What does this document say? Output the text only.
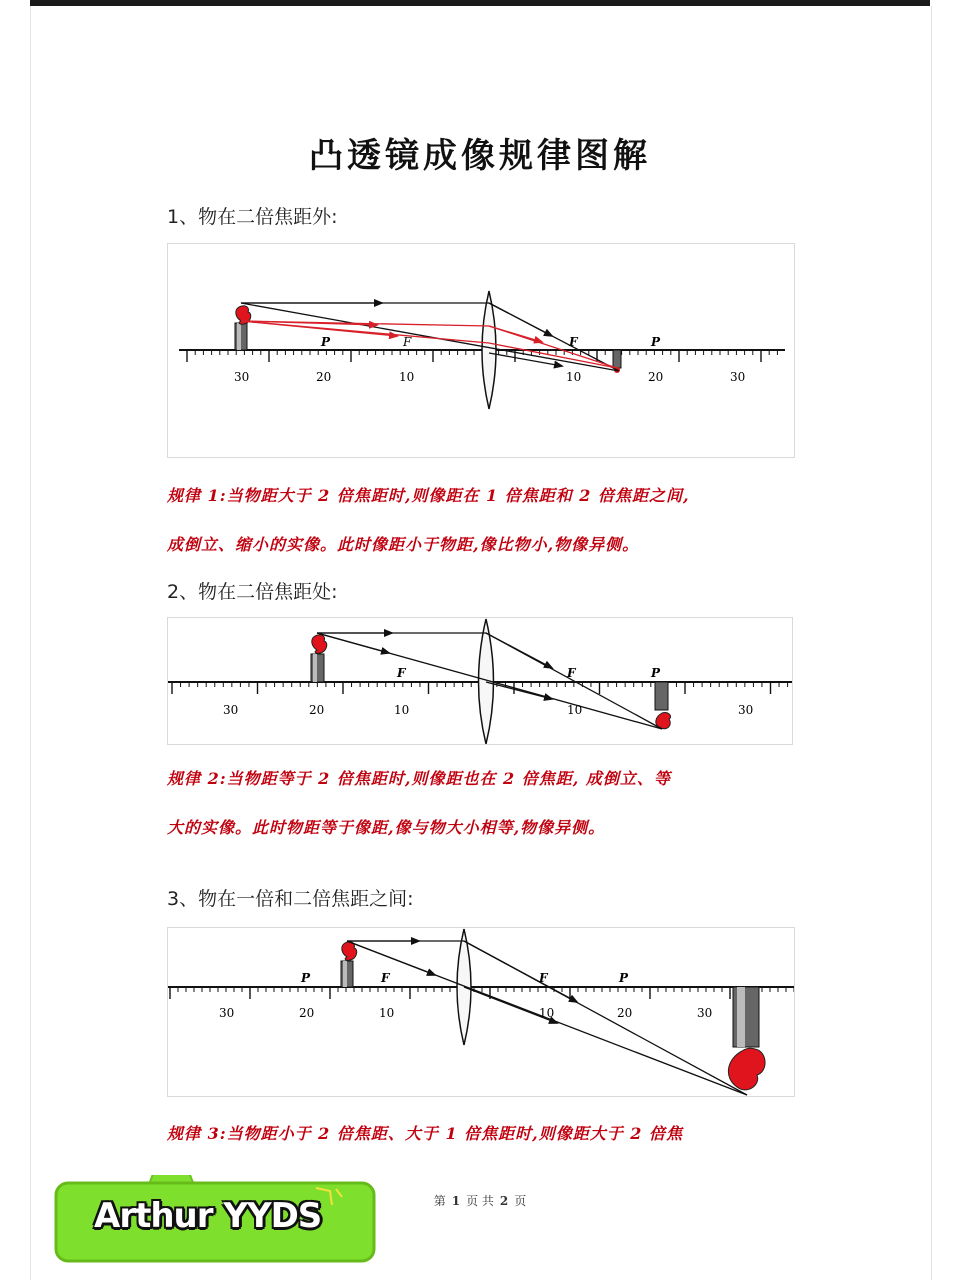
凸透镜成像规律图解
1、物在二倍焦距外:
F
P	F	P
30	20	10	10	20	30
规律 1:当物距大于 2 倍焦距时,则像距在 1 倍焦距和 2 倍焦距之间,
成倒立、缩小的实像。此时像距小于物距,像比物小,物像异侧。
2、物在二倍焦距处:
F	F	P
30	20	10	10	30
规律 2:当物距等于 2 倍焦距时,则像距也在 2 倍焦距, 成倒立、等
大的实像。此时物距等于像距,像与物大小相等,物像异侧。
3、物在一倍和二倍焦距之间:
P	F	F	P
30	20	10	10	20	30
规律 3:当物距小于 2 倍焦距、大于 1 倍焦距时,则像距大于 2 倍焦
第 1 页 共 2 页
Arthur YYDS
